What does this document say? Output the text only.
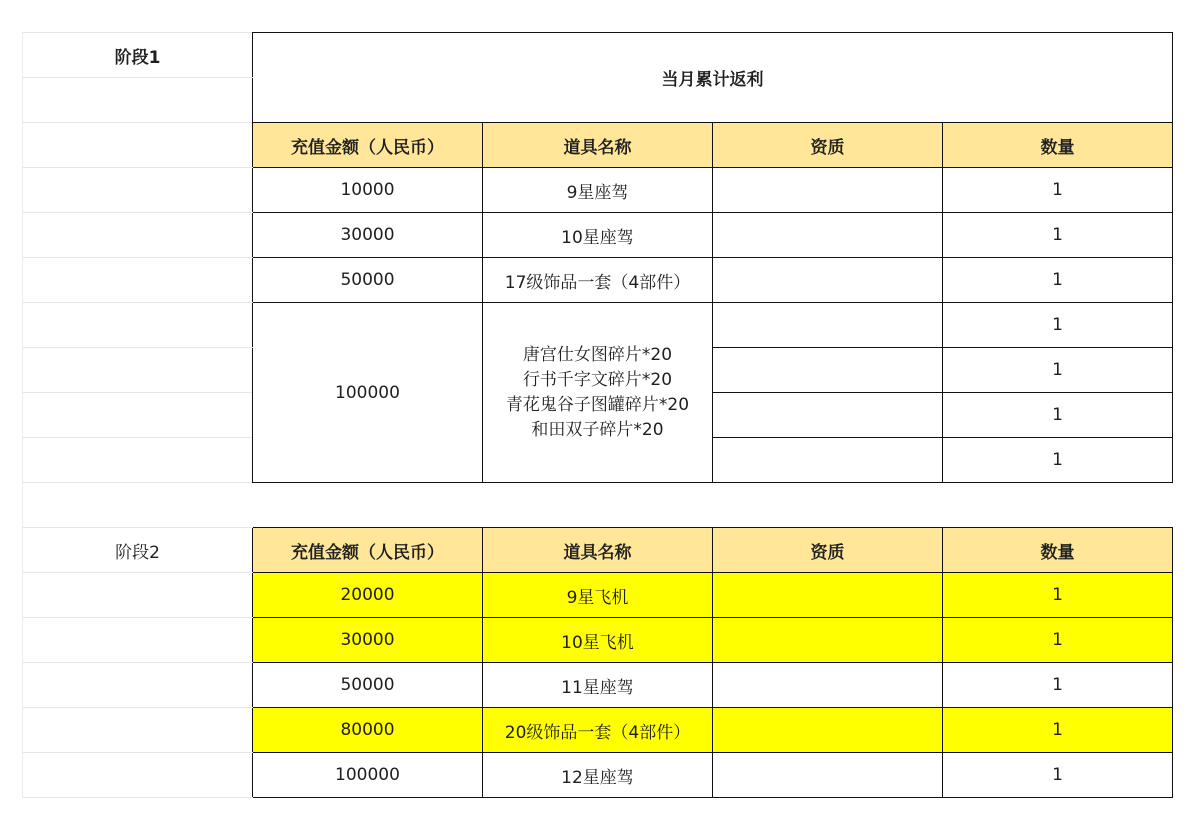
阶段1	当月累计返利			

	充值金额（人民币）	道具名称	资质	数量
	10000	9星座驾		1
	30000	10星座驾		1
	50000	17级饰品一套（4部件）		1
	100000	唐宫仕女图碎片*20
行书千字文碎片*20
青花鬼谷子图罐碎片*20
和田双子碎片*20		1
				1
				1
				1

阶段2	充值金额（人民币）	道具名称	资质	数量
	20000	9星飞机		1
	30000	10星飞机		1
	50000	11星座驾		1
	80000	20级饰品一套（4部件）		1
	100000	12星座驾		1
